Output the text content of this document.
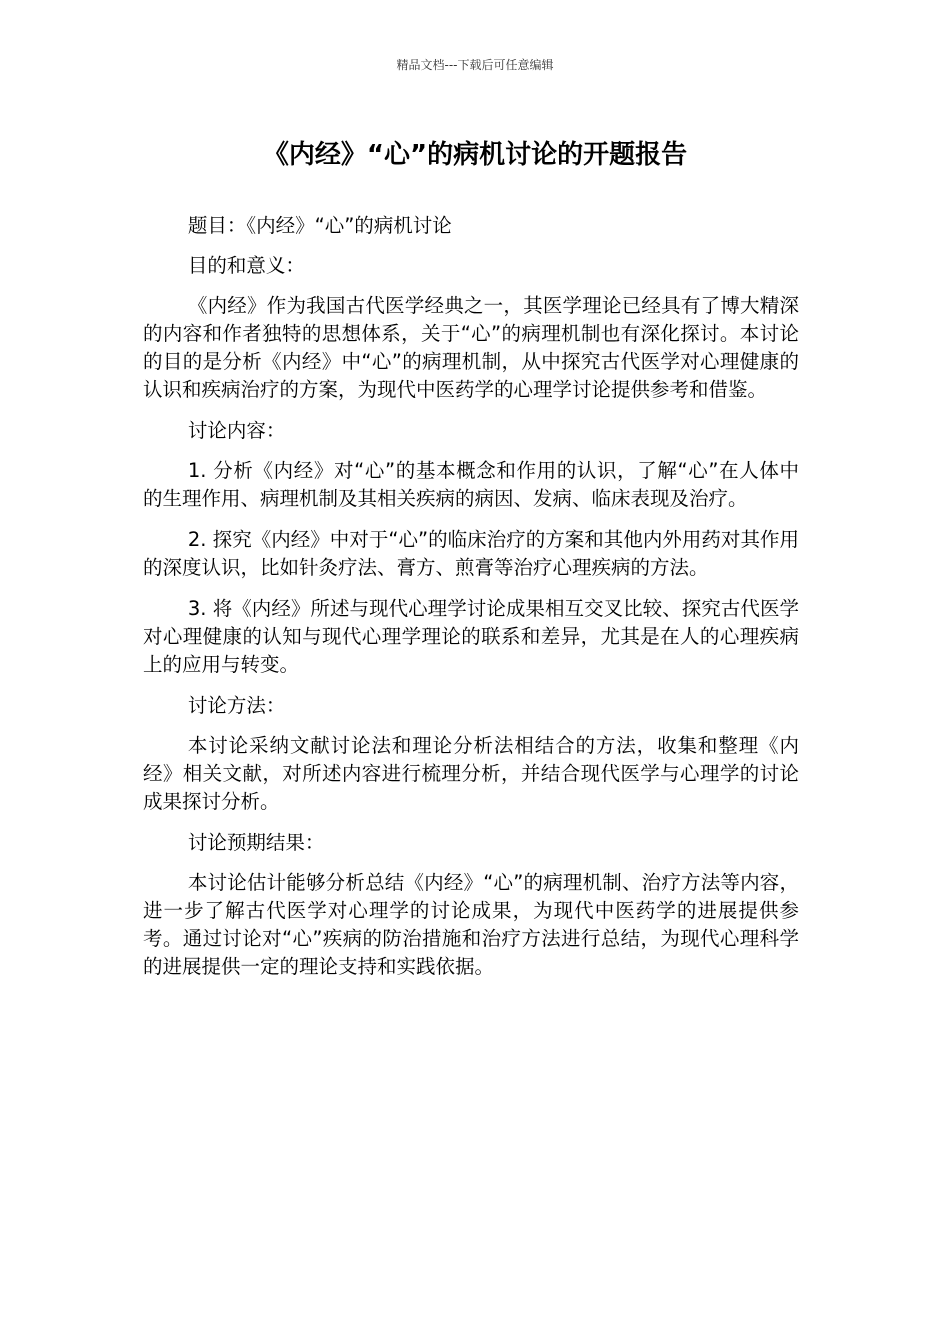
精品文档---下载后可任意编辑
《内经》“心”的病机讨论的开题报告

题目：《内经》“心”的病机讨论

目的和意义：

《内经》作为我国古代医学经典之一，其医学理论已经具有了博大精深的内容和作者独特的思想体系，关于“心”的病理机制也有深化探讨。本讨论的目的是分析《内经》中“心”的病理机制，从中探究古代医学对心理健康的认识和疾病治疗的方案，为现代中医药学的心理学讨论提供参考和借鉴。

讨论内容：

1. 分析《内经》对“心”的基本概念和作用的认识，了解“心”在人体中的生理作用、病理机制及其相关疾病的病因、发病、临床表现及治疗。

2. 探究《内经》中对于“心”的临床治疗的方案和其他内外用药对其作用的深度认识，比如针灸疗法、膏方、煎膏等治疗心理疾病的方法。

3. 将《内经》所述与现代心理学讨论成果相互交叉比较、探究古代医学对心理健康的认知与现代心理学理论的联系和差异，尤其是在人的心理疾病上的应用与转变。

讨论方法：

本讨论采纳文献讨论法和理论分析法相结合的方法，收集和整理《内经》相关文献，对所述内容进行梳理分析，并结合现代医学与心理学的讨论成果探讨分析。

讨论预期结果：

本讨论估计能够分析总结《内经》“心”的病理机制、治疗方法等内容，进一步了解古代医学对心理学的讨论成果，为现代中医药学的进展提供参考。通过讨论对“心”疾病的防治措施和治疗方法进行总结，为现代心理科学的进展提供一定的理论支持和实践依据。
